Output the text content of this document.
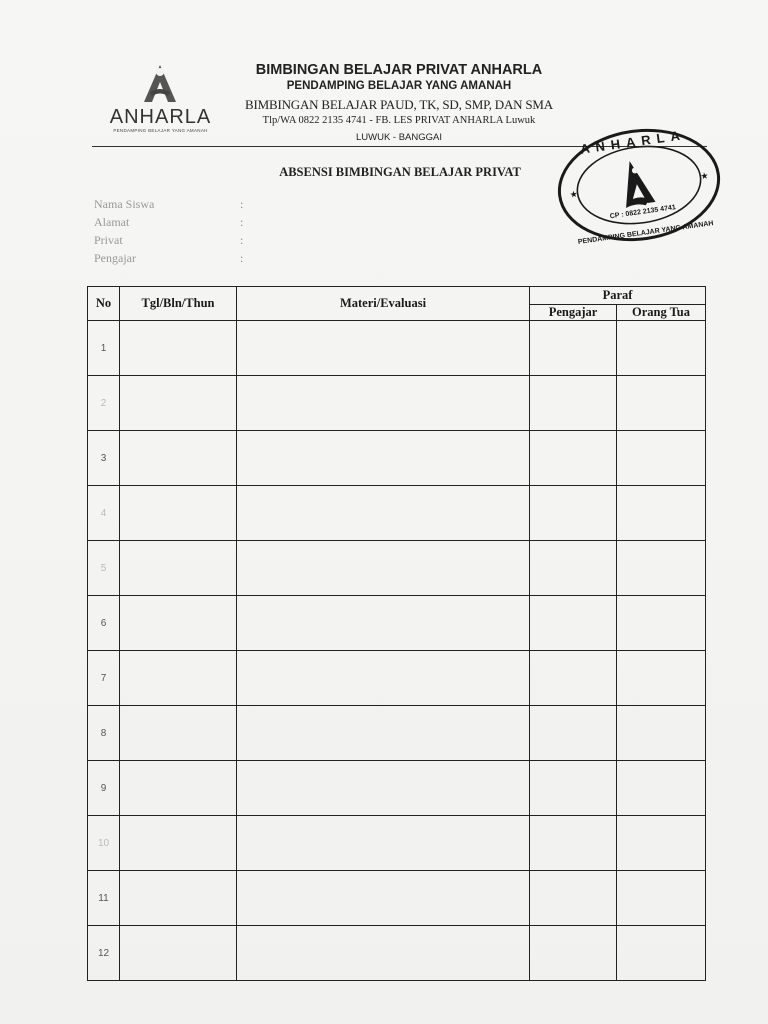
ANHARLA
PENDAMPING BELAJAR YANG AMANAH
BIMBINGAN BELAJAR PRIVAT ANHARLA
PENDAMPING BELAJAR YANG AMANAH
BIMBINGAN BELAJAR PAUD, TK, SD, SMP, DAN SMA
Tlp/WA 0822 2135 4741 - FB. LES PRIVAT ANHARLA Luwuk
LUWUK - BANGGAI	ANHARLA
PENDAMPING BELAJAR YANG AMANAH
CP : 0822 2135 4741
★
★
ABSENSI BIMBINGAN BELAJAR PRIVAT
Nama Siswa	:
Alamat	:
Privat	:
Pengajar	:
No	Tgl/Bln/Thun	Materi/Evaluasi	Paraf	
			Pengajar	Orang Tua
1				
2				
3				
4				
5				
6				
7				
8				
9				
10				
11				
12				
